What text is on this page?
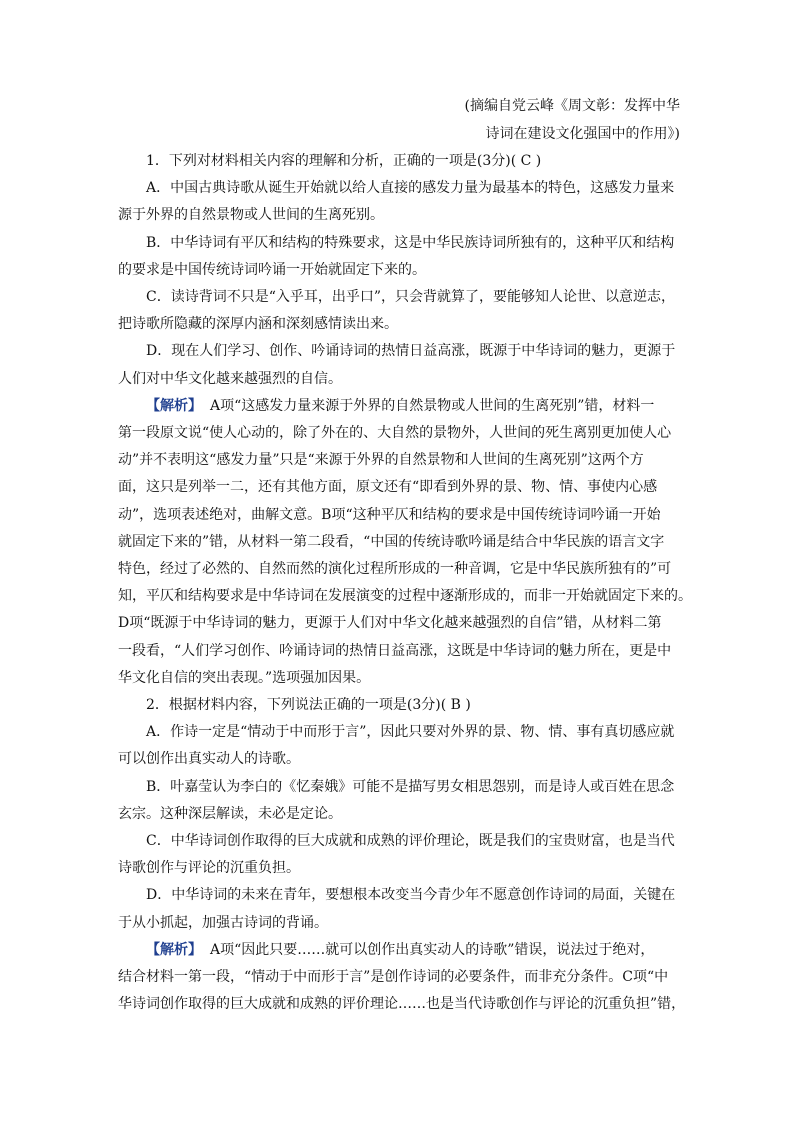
(摘编自党云峰《周文彰：发挥中华
诗词在建设文化强国中的作用》)
1．下列对材料相关内容的理解和分析，正确的一项是(3分)( C )
A．中国古典诗歌从诞生开始就以给人直接的感发力量为最基本的特色，这感发力量来
源于外界的自然景物或人世间的生离死别。
B．中华诗词有平仄和结构的特殊要求，这是中华民族诗词所独有的，这种平仄和结构
的要求是中国传统诗词吟诵一开始就固定下来的。
C．读诗背词不只是“入乎耳，出乎口”，只会背就算了，要能够知人论世、以意逆志，
把诗歌所隐藏的深厚内涵和深刻感情读出来。
D．现在人们学习、创作、吟诵诗词的热情日益高涨，既源于中华诗词的魅力，更源于
人们对中华文化越来越强烈的自信。
【解析】 A项“这感发力量来源于外界的自然景物或人世间的生离死别”错，材料一
第一段原文说“使人心动的，除了外在的、大自然的景物外，人世间的死生离别更加使人心
动”并不表明这“感发力量”只是“来源于外界的自然景物和人世间的生离死别”这两个方
面，这只是列举一二，还有其他方面，原文还有“即看到外界的景、物、情、事使内心感
动”，选项表述绝对，曲解文意。B项“这种平仄和结构的要求是中国传统诗词吟诵一开始
就固定下来的”错，从材料一第二段看，“中国的传统诗歌吟诵是结合中华民族的语言文字
特色，经过了必然的、自然而然的演化过程所形成的一种音调，它是中华民族所独有的”可
知，平仄和结构要求是中华诗词在发展演变的过程中逐渐形成的，而非一开始就固定下来的。
D项“既源于中华诗词的魅力，更源于人们对中华文化越来越强烈的自信”错，从材料二第
一段看，“人们学习创作、吟诵诗词的热情日益高涨，这既是中华诗词的魅力所在，更是中
华文化自信的突出表现。”选项强加因果。
2．根据材料内容，下列说法正确的一项是(3分)( B )
A．作诗一定是“情动于中而形于言”，因此只要对外界的景、物、情、事有真切感应就
可以创作出真实动人的诗歌。
B．叶嘉莹认为李白的《忆秦娥》可能不是描写男女相思怨别，而是诗人或百姓在思念
玄宗。这种深层解读，未必是定论。
C．中华诗词创作取得的巨大成就和成熟的评价理论，既是我们的宝贵财富，也是当代
诗歌创作与评论的沉重负担。
D．中华诗词的未来在青年，要想根本改变当今青少年不愿意创作诗词的局面，关键在
于从小抓起，加强古诗词的背诵。
【解析】 A项“因此只要……就可以创作出真实动人的诗歌”错误，说法过于绝对，
结合材料一第一段，“情动于中而形于言”是创作诗词的必要条件，而非充分条件。C项“中
华诗词创作取得的巨大成就和成熟的评价理论……也是当代诗歌创作与评论的沉重负担”错，
